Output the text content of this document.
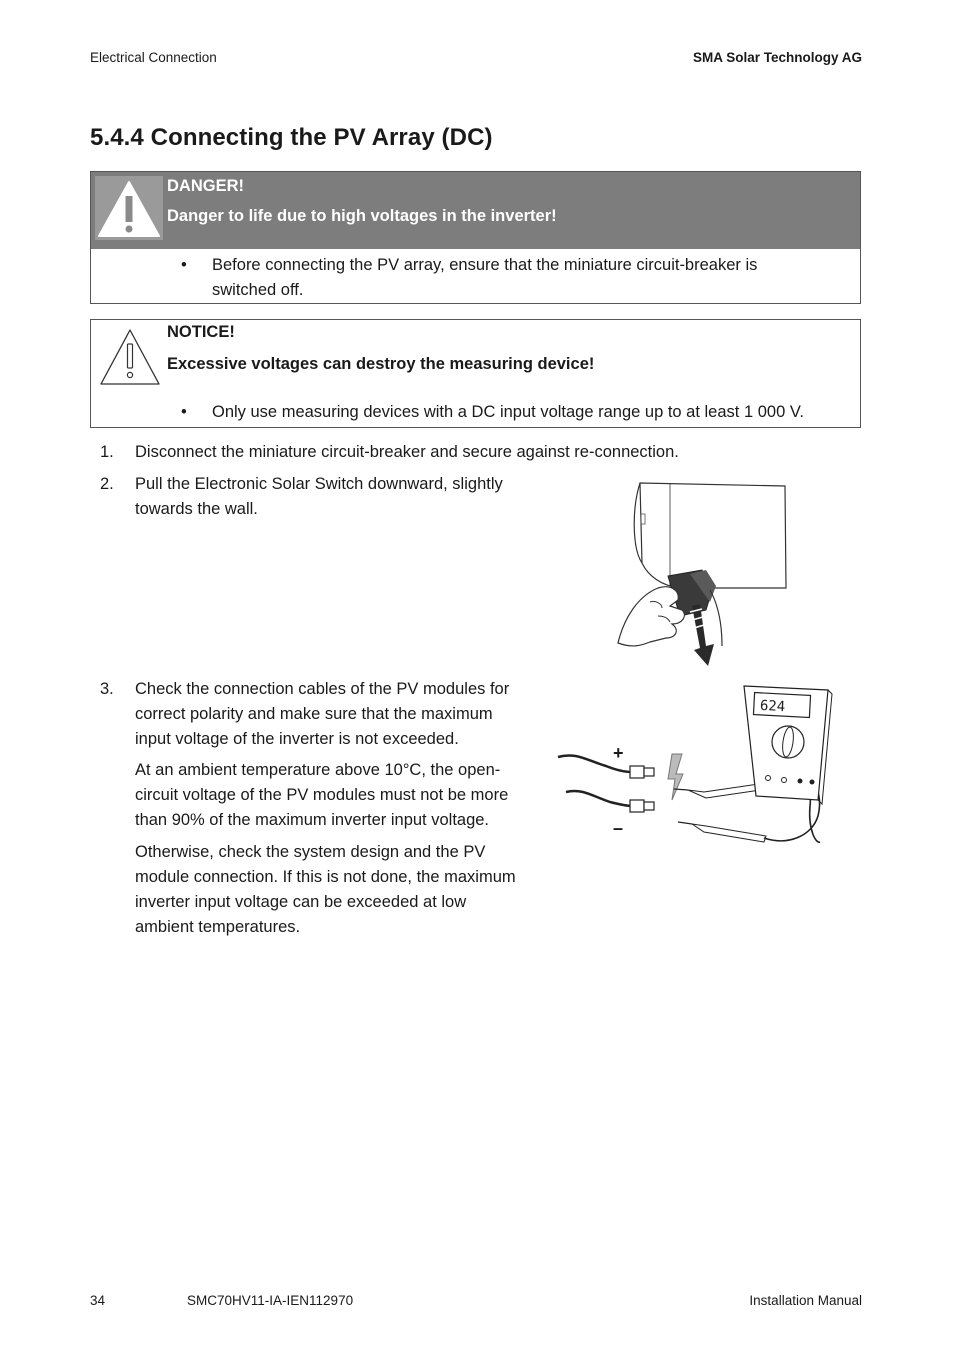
Electrical Connection	SMA Solar Technology AG
5.4.4 Connecting the PV Array (DC)
DANGER!
Danger to life due to high voltages in the inverter!
• Before connecting the PV array, ensure that the miniature circuit-breaker is
switched off.
NOTICE!
Excessive voltages can destroy the measuring device!
• Only use measuring devices with a DC input voltage range up to at least 1 000 V.
1. Disconnect the miniature circuit-breaker and secure against re-connection.
2. Pull the Electronic Solar Switch downward, slightly
towards the wall.
3. Check the connection cables of the PV modules for
correct polarity and make sure that the maximum
input voltage of the inverter is not exceeded.
At an ambient temperature above 10°C, the open-
circuit voltage of the PV modules must not be more
than 90% of the maximum inverter input voltage.
Otherwise, check the system design and the PV
module connection. If this is not done, the maximum
inverter input voltage can be exceeded at low
ambient temperatures.
+
–
624
34	SMC70HV11-IA-IEN112970	Installation Manual
